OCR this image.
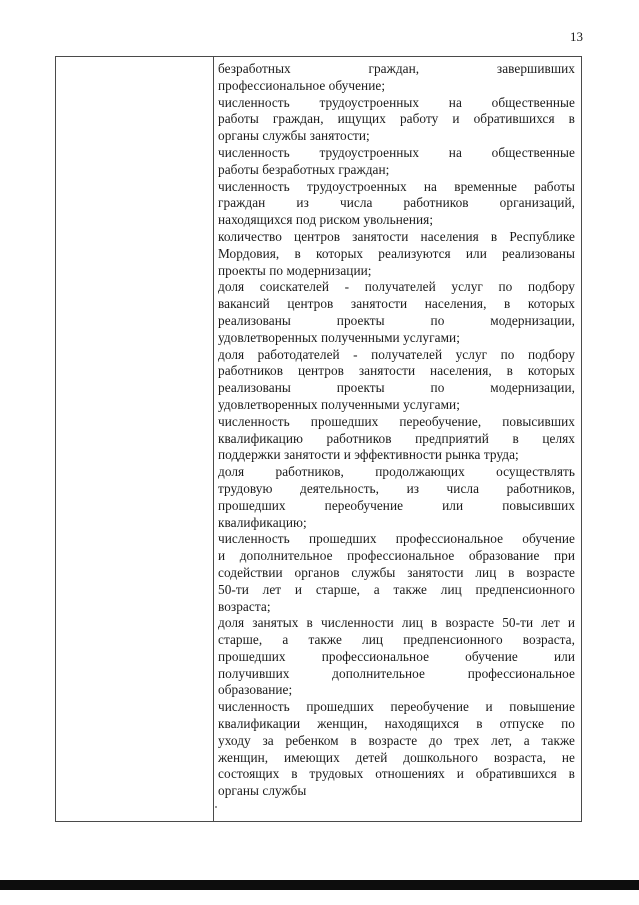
13
безработных граждан, завершивших
профессиональное обучение;
численность трудоустроенных на общественные
работы граждан, ищущих работу и обратившихся в
органы службы занятости;
численность трудоустроенных на общественные
работы безработных граждан;
численность трудоустроенных на временные работы
граждан из числа работников организаций,
находящихся под риском увольнения;
количество центров занятости населения в Республике
Мордовия, в которых реализуются или реализованы
проекты по модернизации;
доля соискателей - получателей услуг по подбору
вакансий центров занятости населения, в которых
реализованы проекты по модернизации,
удовлетворенных полученными услугами;
доля работодателей - получателей услуг по подбору
работников центров занятости населения, в которых
реализованы проекты по модернизации,
удовлетворенных полученными услугами;
численность прошедших переобучение, повысивших
квалификацию работников предприятий в целях
поддержки занятости и эффективности рынка труда;
доля работников, продолжающих осуществлять
трудовую деятельность, из числа работников,
прошедших переобучение или повысивших
квалификацию;
численность прошедших профессиональное обучение
и дополнительное профессиональное образование при
содействии органов службы занятости лиц в возрасте
50-ти лет и старше, а также лиц предпенсионного
возраста;
доля занятых в численности лиц в возрасте 50-ти лет и
старше, а также лиц предпенсионного возраста,
прошедших профессиональное обучение или
получивших дополнительное профессиональное
образование;
численность прошедших переобучение и повышение
квалификации женщин, находящихся в отпуске по
уходу за ребенком в возрасте до трех лет, а также
женщин, имеющих детей дошкольного возраста, не
состоящих в трудовых отношениях и обратившихся в
органы службы
